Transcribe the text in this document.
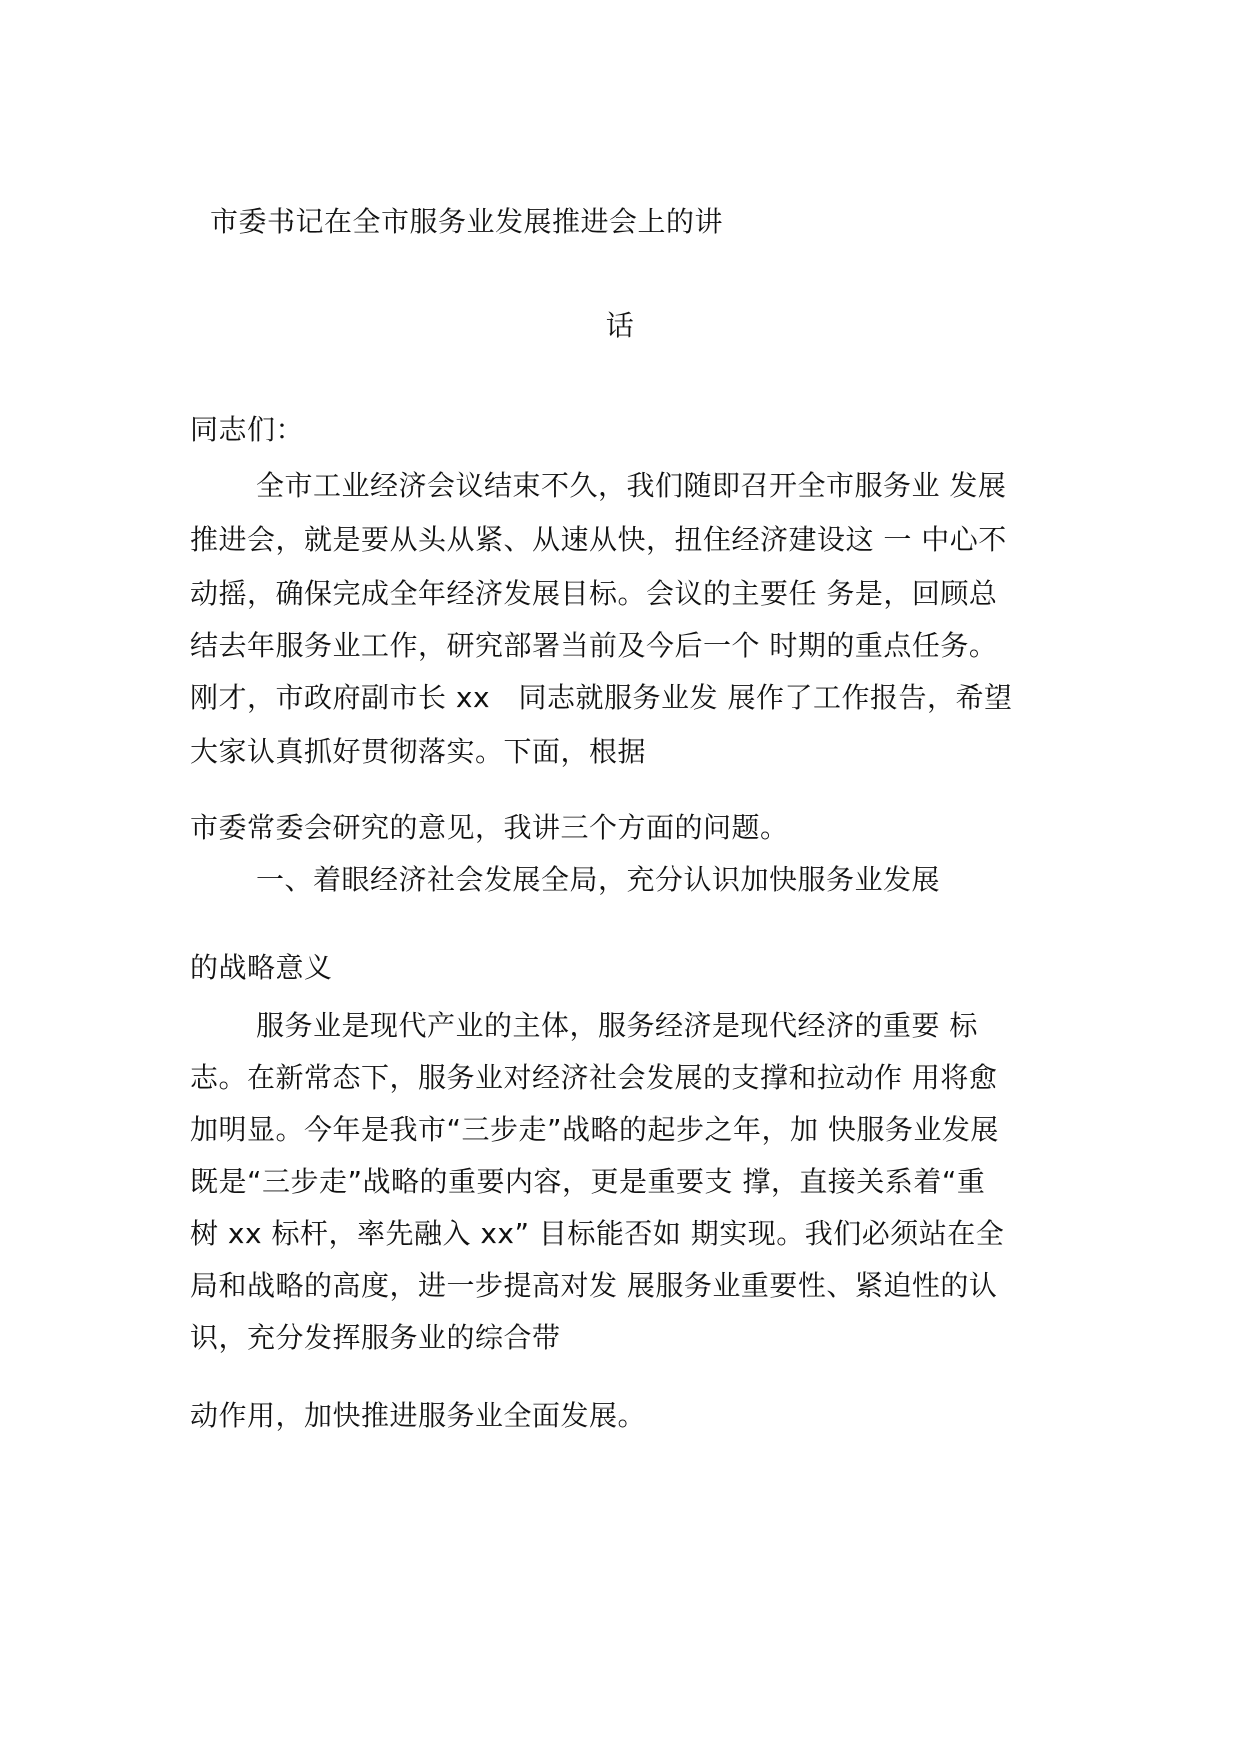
市委书记在全市服务业发展推进会上的讲
话
同志们：
全市工业经济会议结束不久，我们随即召开全市服务业 发展
推进会，就是要从头从紧、从速从快，扭住经济建设这 一 中心不
动摇，确保完成全年经济发展目标。会议的主要任 务是，回顾总
结去年服务业工作，研究部署当前及今后一个 时期的重点任务。
刚才，市政府副市长 xx　同志就服务业发 展作了工作报告，希望
大家认真抓好贯彻落实。下面，根据
市委常委会研究的意见，我讲三个方面的问题。
一、着眼经济社会发展全局，充分认识加快服务业发展
的战略意义
服务业是现代产业的主体，服务经济是现代经济的重要 标
志。在新常态下，服务业对经济社会发展的支撑和拉动作 用将愈
加明显。今年是我市“三步走”战略的起步之年，加 快服务业发展
既是“三步走”战略的重要内容，更是重要支 撑，直接关系着“重
树 xx 标杆，率先融入 xx” 目标能否如 期实现。我们必须站在全
局和战略的高度，进一步提高对发 展服务业重要性、紧迫性的认
识，充分发挥服务业的综合带
动作用，加快推进服务业全面发展。
